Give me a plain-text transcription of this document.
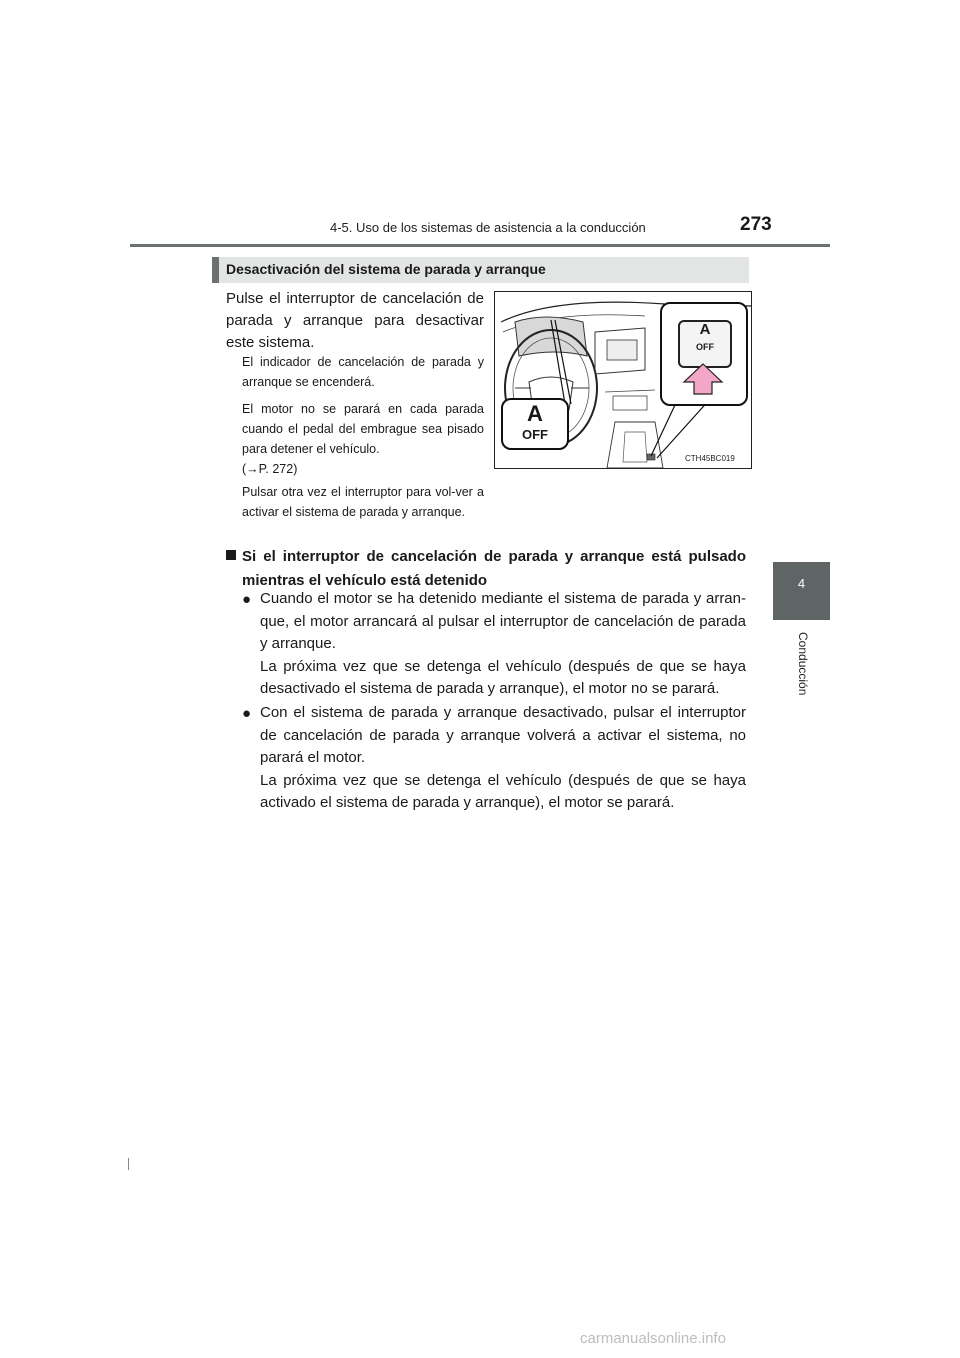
4-5. Uso de los sistemas de asistencia a la conducción	273
4
Conducción
Desactivación del sistema de parada y arranque
Pulse el interruptor de cancelación de parada y arranque para desactivar este sistema.
El indicador de cancelación de parada y arranque se encenderá.
El motor no se parará en cada parada cuando el pedal del embrague sea pisado para detener el vehículo.
(→P. 272)
Pulsar otra vez el interruptor para vol-ver a activar el sistema de parada y arranque.
A
OFF
A
OFF
CTH45BC019
Si el interruptor de cancelación de parada y arranque está pulsado mientras el vehículo está detenido
● Cuando el motor se ha detenido mediante el sistema de parada y arran-que, el motor arrancará al pulsar el interruptor de cancelación de parada y arranque.
La próxima vez que se detenga el vehículo (después de que se haya desactivado el sistema de parada y arranque), el motor no se parará.
● Con el sistema de parada y arranque desactivado, pulsar el interruptor de cancelación de parada y arranque volverá a activar el sistema, no parará el motor.
La próxima vez que se detenga el vehículo (después de que se haya activado el sistema de parada y arranque), el motor se parará.
carmanualsonline.info
